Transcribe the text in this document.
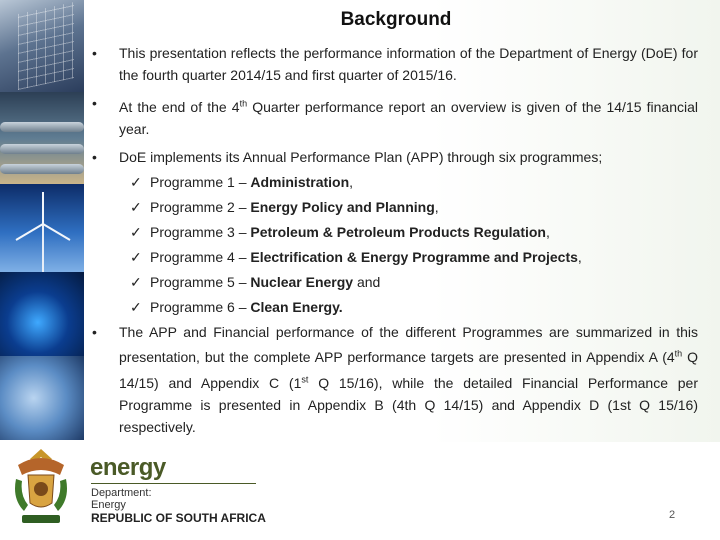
Background
•	This presentation reflects the performance information of the Department of Energy (DoE) for the fourth quarter 2014/15 and first quarter of 2015/16.
•	At the end of the 4th Quarter performance report an overview is given of the 14/15 financial year.
•	DoE implements its Annual Performance Plan (APP) through six programmes;
✓ Programme 1 – Administration,
✓ Programme 2 – Energy Policy and Planning,
✓ Programme 3 – Petroleum & Petroleum Products Regulation,
✓ Programme 4 – Electrification & Energy Programme and Projects,
✓ Programme 5 – Nuclear Energy and
✓ Programme 6 – Clean Energy.
•	The APP and Financial performance of the different Programmes are summarized in this presentation, but the complete APP performance targets are presented in Appendix A (4th Q 14/15) and Appendix C (1st Q 15/16), while the detailed Financial Performance per Programme is presented in Appendix B (4th Q 14/15) and Appendix D (1st Q 15/16) respectively.
energy
Department:
Energy
REPUBLIC OF SOUTH AFRICA	2
